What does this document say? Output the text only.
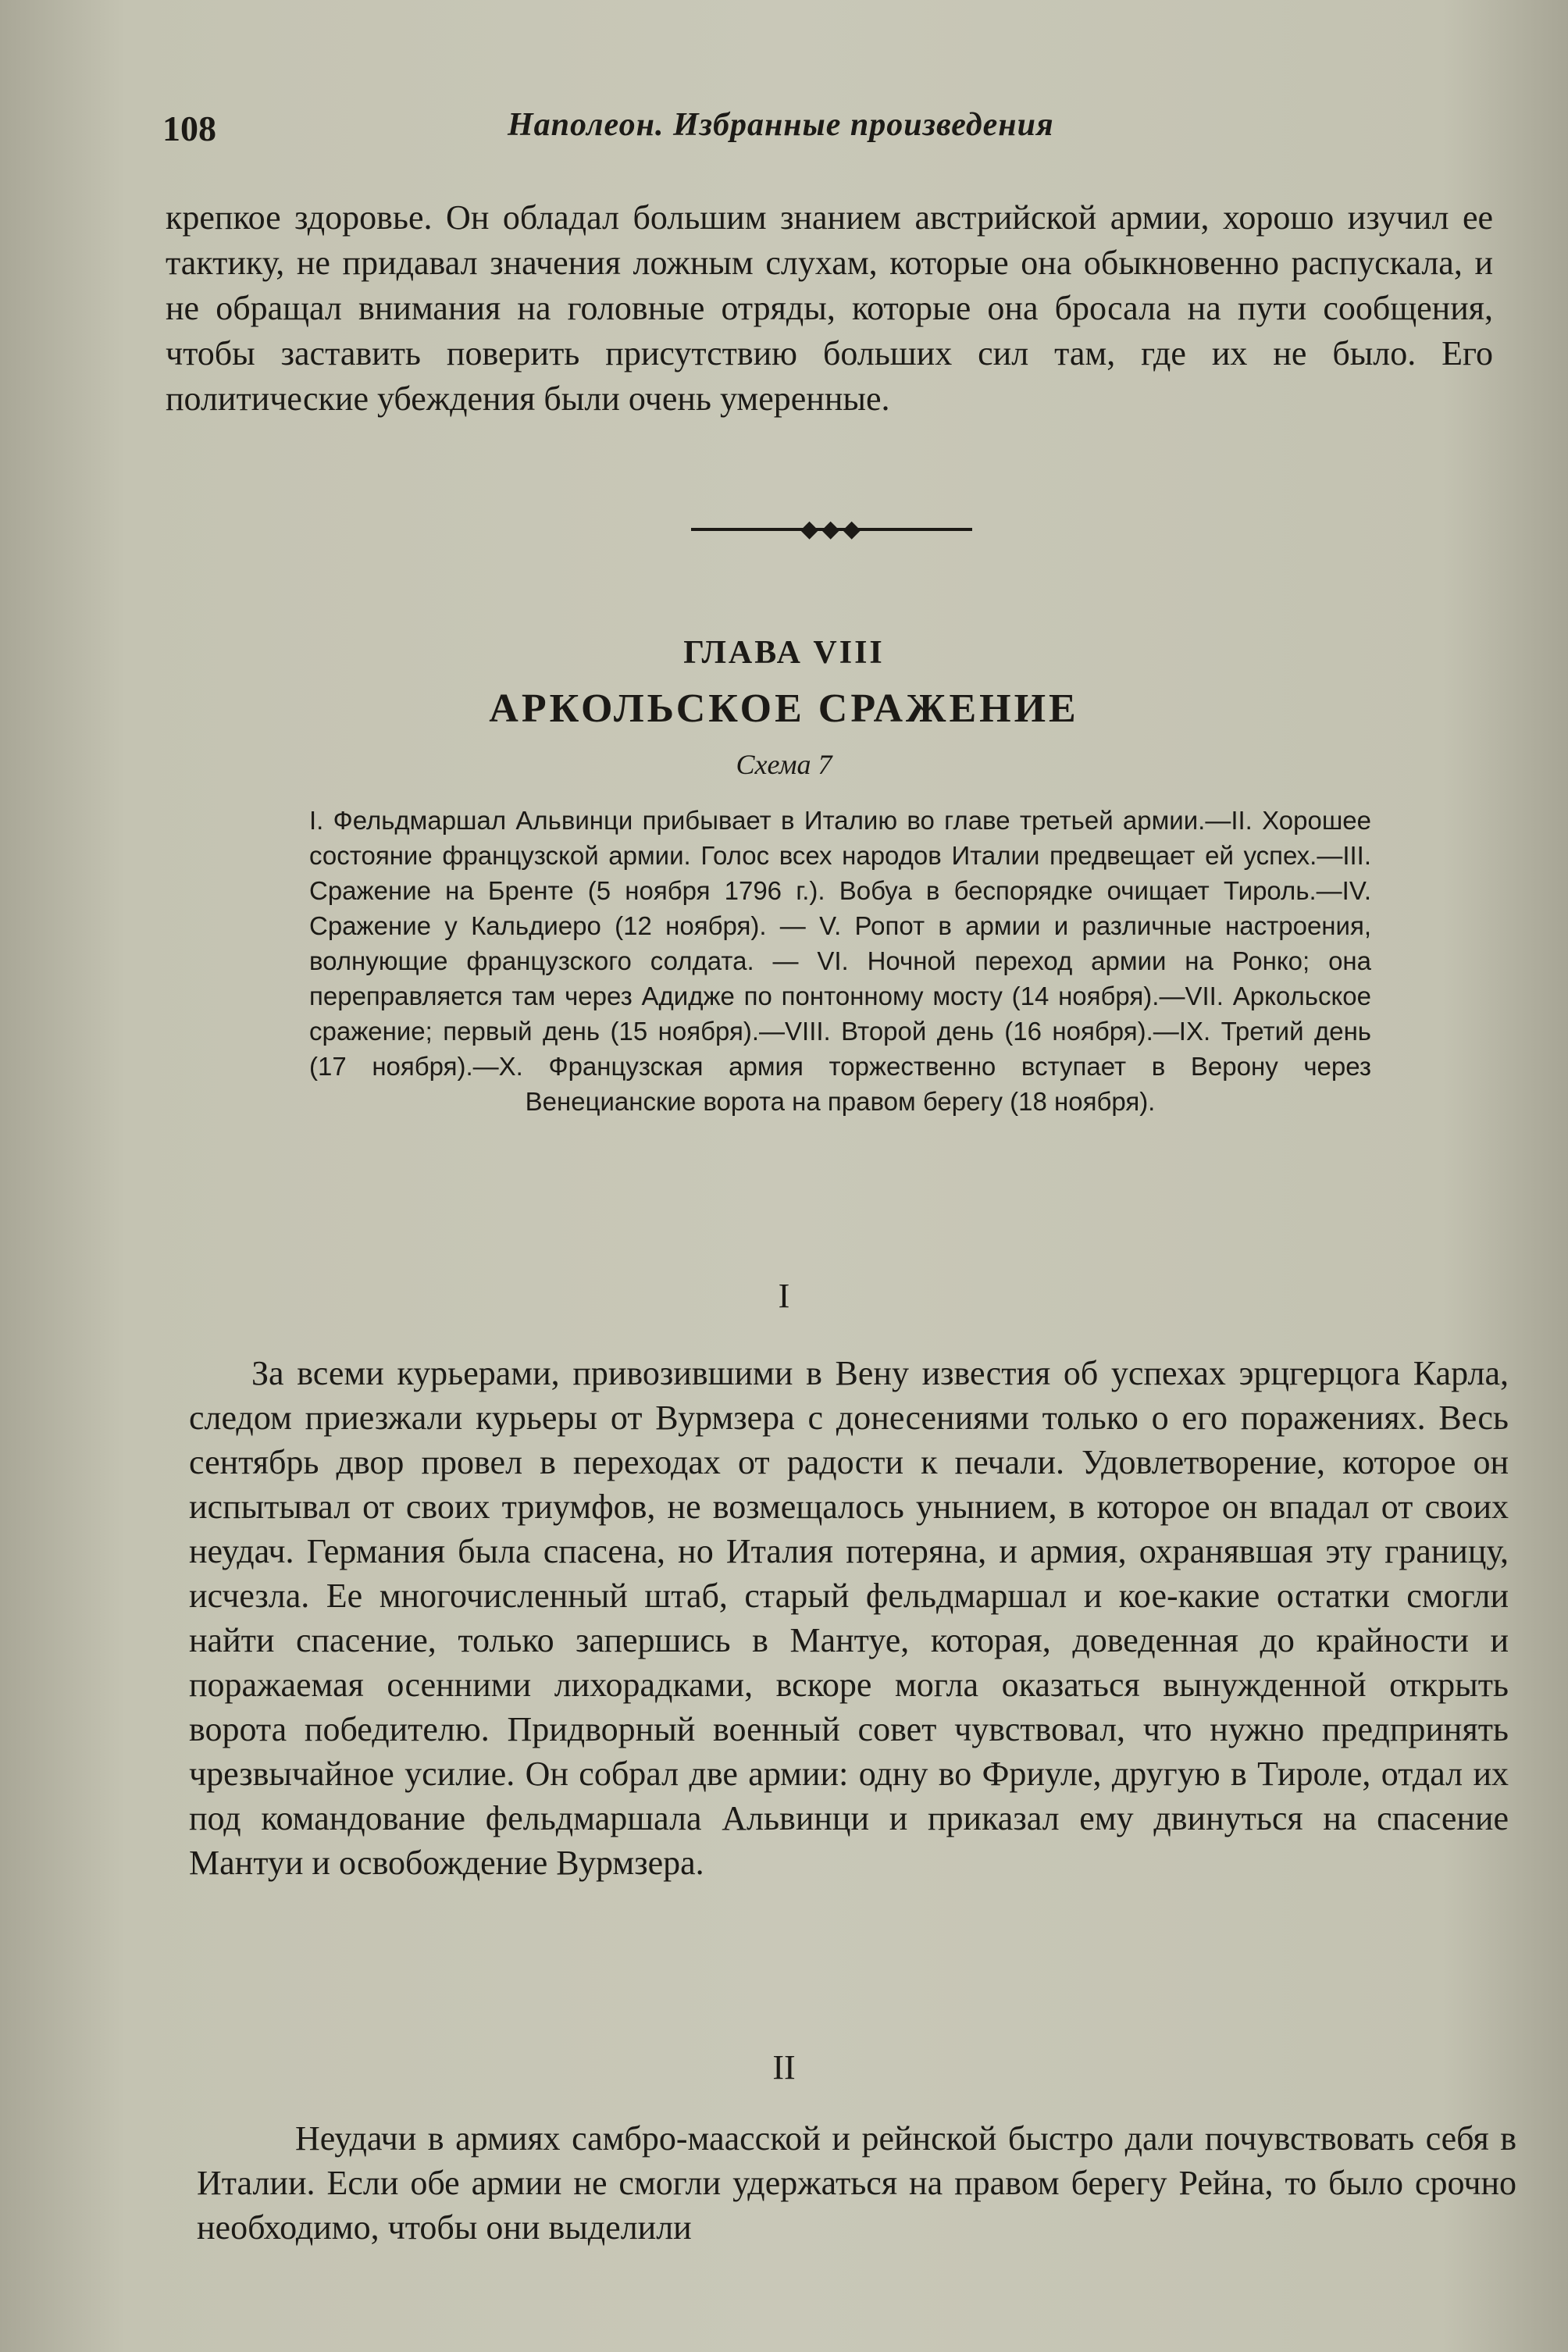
108	Наполеон. Избранные произведения
крепкое здоровье. Он обладал большим знанием австрийской армии, хорошо изучил ее тактику, не придавал значения ложным слухам, которые она обыкновенно распускала, и не обращал внимания на головные отряды, которые она бросала на пути сообщения, чтобы заставить поверить присутствию больших сил там, где их не было. Его политические убеждения были очень умеренные.
◆◆◆
ГЛАВА VIII
АРКОЛЬСКОЕ СРАЖЕНИЕ
Схема 7
I. Фельдмаршал Альвинци прибывает в Италию во главе третьей армии.—II. Хорошее состояние французской армии. Голос всех народов Италии предвещает ей успех.—III. Сражение на Бренте (5 ноября 1796 г.). Вобуа в беспорядке очищает Тироль.—IV. Сражение у Кальдиеро (12 ноября). — V. Ропот в армии и различные настроения, волнующие французского солдата. — VI. Ночной переход армии на Ронко; она переправляется там через Адидже по понтонному мосту (14 ноября).—VII. Аркольское сражение; первый день (15 ноября).—VIII. Второй день (16 ноября).—IX. Третий день (17 ноября).—X. Французская армия торжественно вступает в Верону через Венецианские ворота на правом берегу (18 ноября).
I
За всеми курьерами, привозившими в Вену известия об успехах эрцгерцога Карла, следом приезжали курьеры от Вурмзера с донесениями только о его поражениях. Весь сентябрь двор провел в переходах от радости к печали. Удовлетворение, которое он испытывал от своих триумфов, не возмещалось унынием, в которое он впадал от своих неудач. Германия была спасена, но Италия потеряна, и армия, охранявшая эту границу, исчезла. Ее многочисленный штаб, старый фельдмаршал и кое-какие остатки смогли найти спасение, только запершись в Мантуе, которая, доведенная до крайности и поражаемая осенними лихорадками, вскоре могла оказаться вынужденной открыть ворота победителю. Придворный военный совет чувствовал, что нужно предпринять чрезвычайное усилие. Он собрал две армии: одну во Фриуле, другую в Тироле, отдал их под командование фельдмаршала Альвинци и приказал ему двинуться на спасение Мантуи и освобождение Вурмзера.
II
Неудачи в армиях самбро-маасской и рейнской быстро дали почувствовать себя в Италии. Если обе армии не смогли удержаться на правом берегу Рейна, то было срочно необходимо, чтобы они выделили
